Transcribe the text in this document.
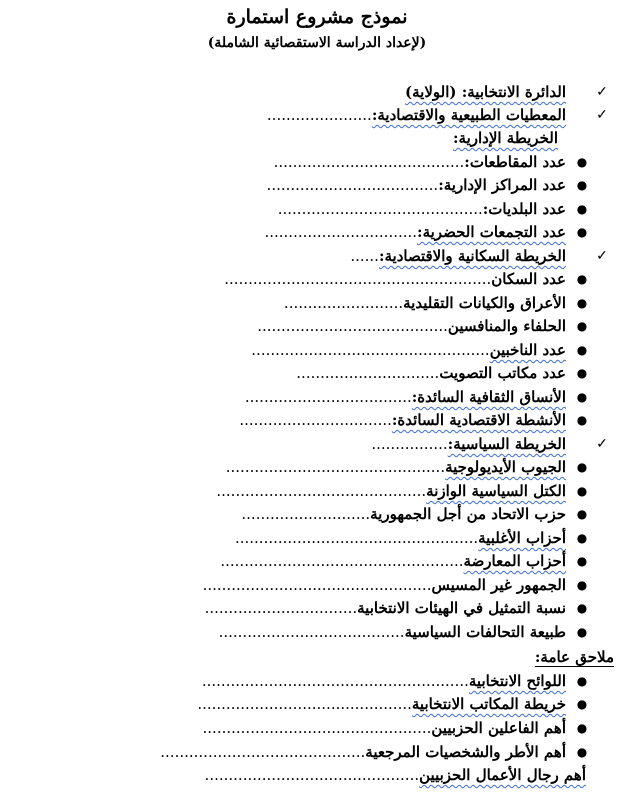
نموذج مشروع استمارة
(لإعداد الدراسة الاستقصائية الشاملة)
✓
الدائرة الانتخابية: (الولاية)
✓
المعطيات الطبيعية والاقتصادية:......................
الخريطة الإدارية:
●
عدد المقاطعات:........................................
●
عدد المراكز الإدارية:....................................
●
عدد البلديات:...........................................
●
عدد التجمعات الحضرية:................................
✓
الخريطة السكانية والاقتصادية:......
●
عدد السكان........................................................
●
الأعراق والكيانات التقليدية.........................
●
الحلفاء والمنافسين........................................
●
عدد الناخبين..................................................
●
عدد مكاتب التصويت..............................
●
الأنساق الثقافية السائدة:...................................
●
الأنشطة الاقتصادية السائدة:................................
✓
الخريطة السياسية:................
●
الجيوب الأيديولوجية..............................................
●
الكتل السياسية الوازنة............................................
●
حزب الاتحاد من أجل الجمهورية...........................
●
أحزاب الأغلبية...................................................
●
أحزاب المعارضة...................................................
●
الجمهور غير المسيس................................................
●
نسبة التمثيل في الهيئات الانتخابية................................
●
طبيعة التحالفات السياسية.......................................
ملاحق عامة:
●
اللوائح الانتخابية........................................................
●
خريطة المكاتب الانتخابية.............................................
●
أهم الفاعلين الحزبيين................................................
●
أهم الأطر والشخصيات المرجعية...........................................
أهم رجال الأعمال الحزبيين.............................................
